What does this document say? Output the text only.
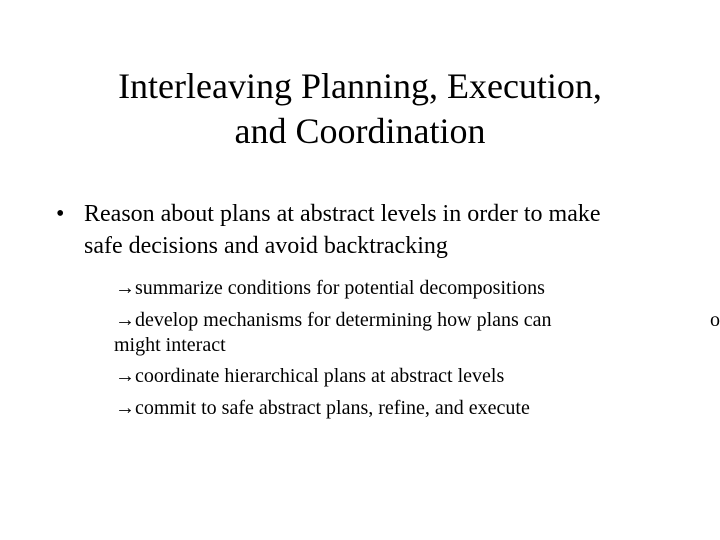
Interleaving Planning, Execution,
and Coordination
• Reason about plans at abstract levels in order to make
safe decisions and avoid backtracking
→summarize conditions for potential decompositions
→develop mechanisms for determining how plans can
might interact
→coordinate hierarchical plans at abstract levels
→commit to safe abstract plans, refine, and execute
o
